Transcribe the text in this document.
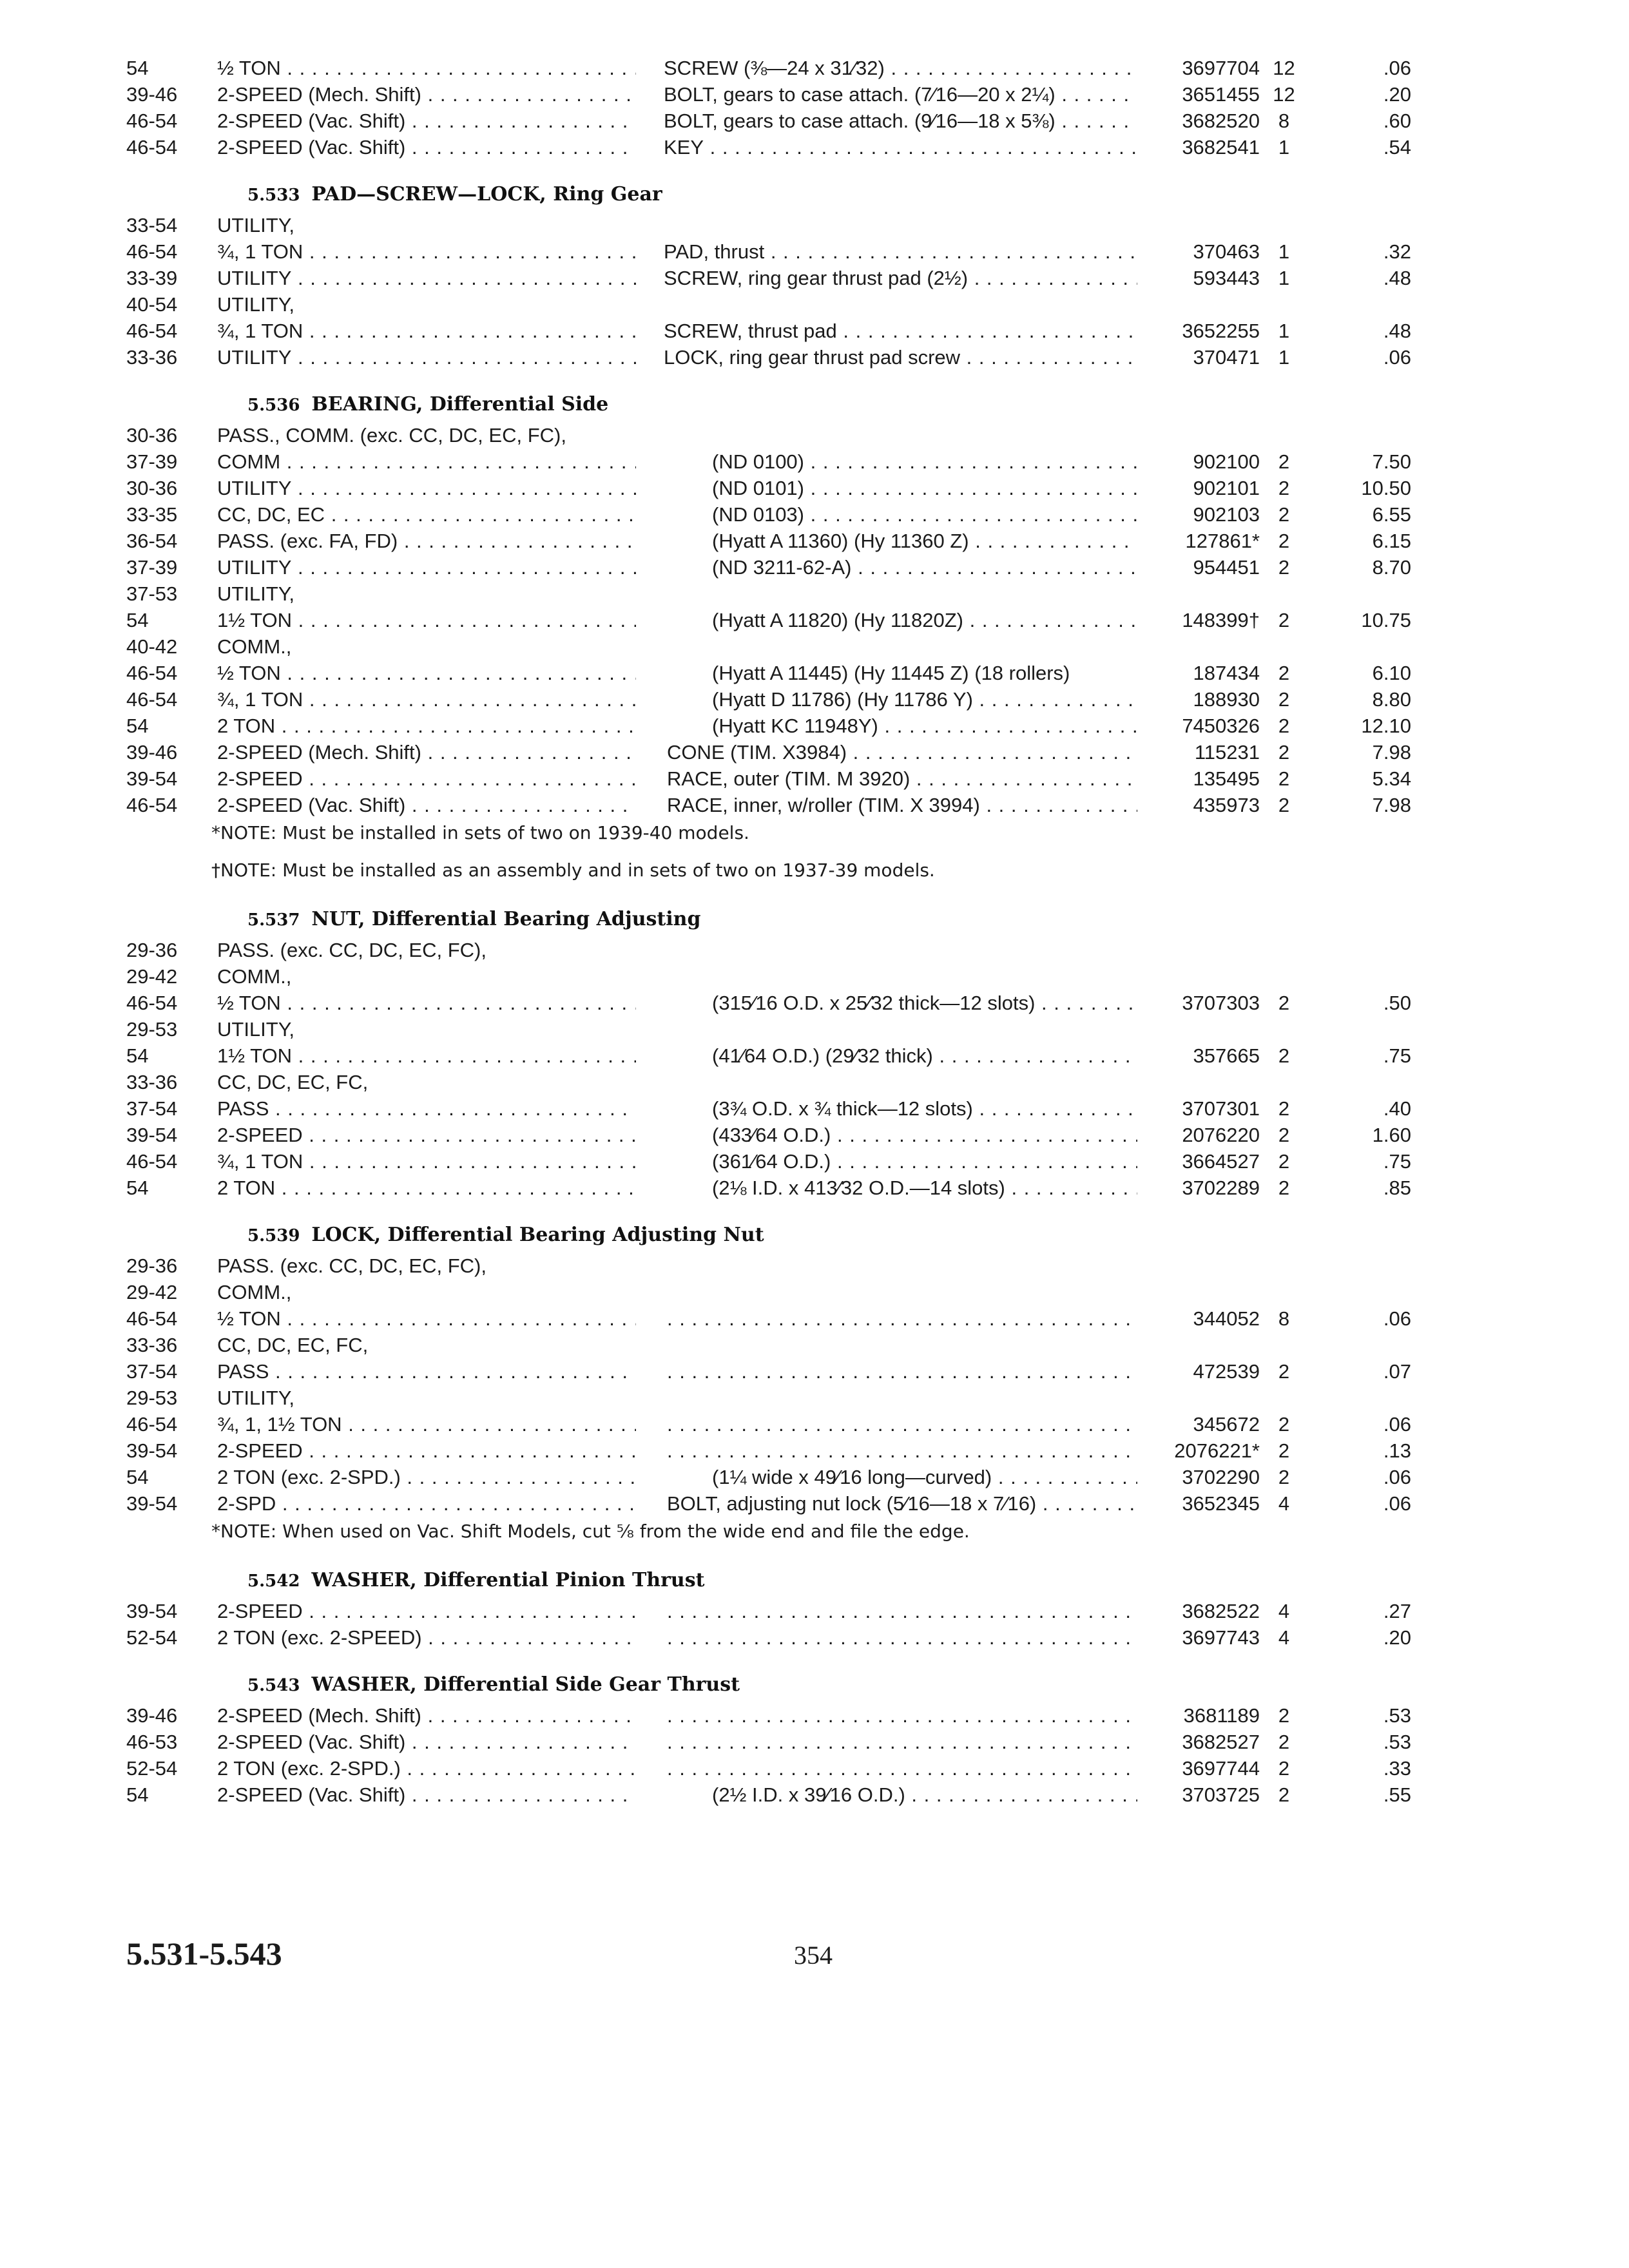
5.531-5.543	354
54	½ TON . . .	SCREW (⅜—24 x 31⁄32) . . .	3697704 12	.06
39-46	2-SPEED (Mech. Shift) . . .	BOLT, gears to case attach. (7⁄16—20 x 2¼) . . .	3651455 12	.20
46-54	2-SPEED (Vac. Shift) . . .	BOLT, gears to case attach. (9⁄16—18 x 5⅜) . . .	3682520 8	.60
46-54	2-SPEED (Vac. Shift) . . .	KEY . . .	3682541 1	.54
5.533 PAD—SCREW—LOCK, Ring Gear
33-54	UTILITY,
46-54	¾, 1 TON . . .	PAD, thrust . . .	370463 1	.32
33-39	UTILITY . . .	SCREW, ring gear thrust pad (2½) . . .	593443 1	.48
40-54	UTILITY,
46-54	¾, 1 TON . . .	SCREW, thrust pad . . .	3652255 1	.48
33-36	UTILITY . . .	LOCK, ring gear thrust pad screw . . .	370471 1	.06
5.536 BEARING, Differential Side
30-36	PASS., COMM. (exc. CC, DC, EC, FC),
37-39	COMM . . .	(ND 0100) . . .	902100 2	7.50
30-36	UTILITY . . .	(ND 0101) . . .	902101 2	10.50
33-35	CC, DC, EC . . .	(ND 0103) . . .	902103 2	6.55
36-54	PASS. (exc. FA, FD) . . .	(Hyatt A 11360) (Hy 11360 Z) . . .	127861* 2	6.15
37-39	UTILITY . . .	(ND 3211-62-A) . . .	954451 2	8.70
37-53	UTILITY,
54	1½ TON . . .	(Hyatt A 11820) (Hy 11820Z) . . .	148399† 2	10.75
40-42	COMM.,
46-54	½ TON . . .	(Hyatt A 11445) (Hy 11445 Z) (18 rollers)	187434 2	6.10
46-54	¾, 1 TON . . .	(Hyatt D 11786) (Hy 11786 Y) . . .	188930 2	8.80
54	2 TON . . .	(Hyatt KC 11948Y) . . .	7450326 2	12.10
39-46	2-SPEED (Mech. Shift) . . .	CONE (TIM. X3984) . . .	115231 2	7.98
39-54	2-SPEED . . .	RACE, outer (TIM. M 3920) . . .	135495 2	5.34
46-54	2-SPEED (Vac. Shift) . . .	RACE, inner, w/roller (TIM. X 3994) . . .	435973 2	7.98
*NOTE: Must be installed in sets of two on 1939-40 models.
†NOTE: Must be installed as an assembly and in sets of two on 1937-39 models.
5.537 NUT, Differential Bearing Adjusting
29-36	PASS. (exc. CC, DC, EC, FC),
29-42	COMM.,
46-54	½ TON . . .	(315⁄16 O.D. x 25⁄32 thick—12 slots) . . .	3707303 2	.50
29-53	UTILITY,
54	1½ TON . . .	(41⁄64 O.D.) (29⁄32 thick) . . .	357665 2	.75
33-36	CC, DC, EC, FC,
37-54	PASS . . .	(3¾ O.D. x ¾ thick—12 slots) . . .	3707301 2	.40
39-54	2-SPEED . . .	(433⁄64 O.D.) . . .	2076220 2	1.60
46-54	¾, 1 TON . . .	(361⁄64 O.D.) . . .	3664527 2	.75
54	2 TON . . .	(2⅛ I.D. x 413⁄32 O.D.—14 slots) . . .	3702289 2	.85
5.539 LOCK, Differential Bearing Adjusting Nut
29-36	PASS. (exc. CC, DC, EC, FC),
29-42	COMM.,
46-54	½ TON . . . . . .	344052 8	.06
33-36	CC, DC, EC, FC,
37-54	PASS . . . . . .	472539 2	.07
29-53	UTILITY,
46-54	¾, 1, 1½ TON . . . . . .	345672 2	.06
39-54	2-SPEED . . . . . .	2076221* 2	.13
54	2 TON (exc. 2-SPD.) . . .	(1¼ wide x 49⁄16 long—curved) . . .	3702290 2	.06
39-54	2-SPD . . .	BOLT, adjusting nut lock (5⁄16—18 x 7⁄16) . . .	3652345 4	.06
*NOTE: When used on Vac. Shift Models, cut ⅝ from the wide end and file the edge.
5.542 WASHER, Differential Pinion Thrust
39-54	2-SPEED . . . . . .	3682522 4	.27
52-54	2 TON (exc. 2-SPEED) . . . . . .	3697743 4	.20
5.543 WASHER, Differential Side Gear Thrust
39-46	2-SPEED (Mech. Shift) . . . . . .	3681189 2	.53
46-53	2-SPEED (Vac. Shift) . . . . . .	3682527 2	.53
52-54	2 TON (exc. 2-SPD.) . . . . . .	3697744 2	.33
54	2-SPEED (Vac. Shift) . . .	(2½ I.D. x 39⁄16 O.D.) . . .	3703725 2	.55
